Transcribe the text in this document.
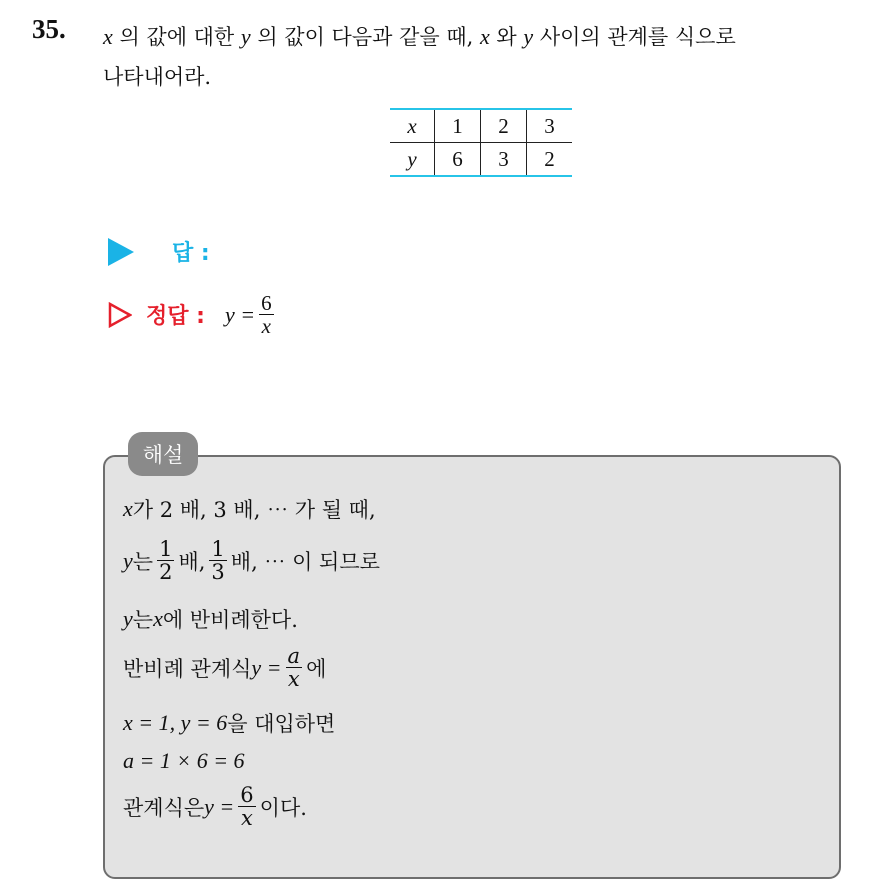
35. x 의 값에 대한 y 의 값이 다음과 같을 때, x 와 y 사이의 관계를 식으로
나타내어라.
x	1	2	3
y	6	3	2
답 :
정답 : $y = \frac{6}{x}$
해설
x 가 2 배, 3 배, ⋯ 가 될 때,
y 는 $\frac{1}{2}$ 배, $\frac{1}{3}$ 배, ⋯ 이 되므로
y 는 x 에 반비례한다.
반비례 관계식 $y = \frac{a}{x}$ 에
x = 1, y = 6 을 대입하면
a = 1 × 6 = 6
관계식은 $y = \frac{6}{x}$ 이다.
